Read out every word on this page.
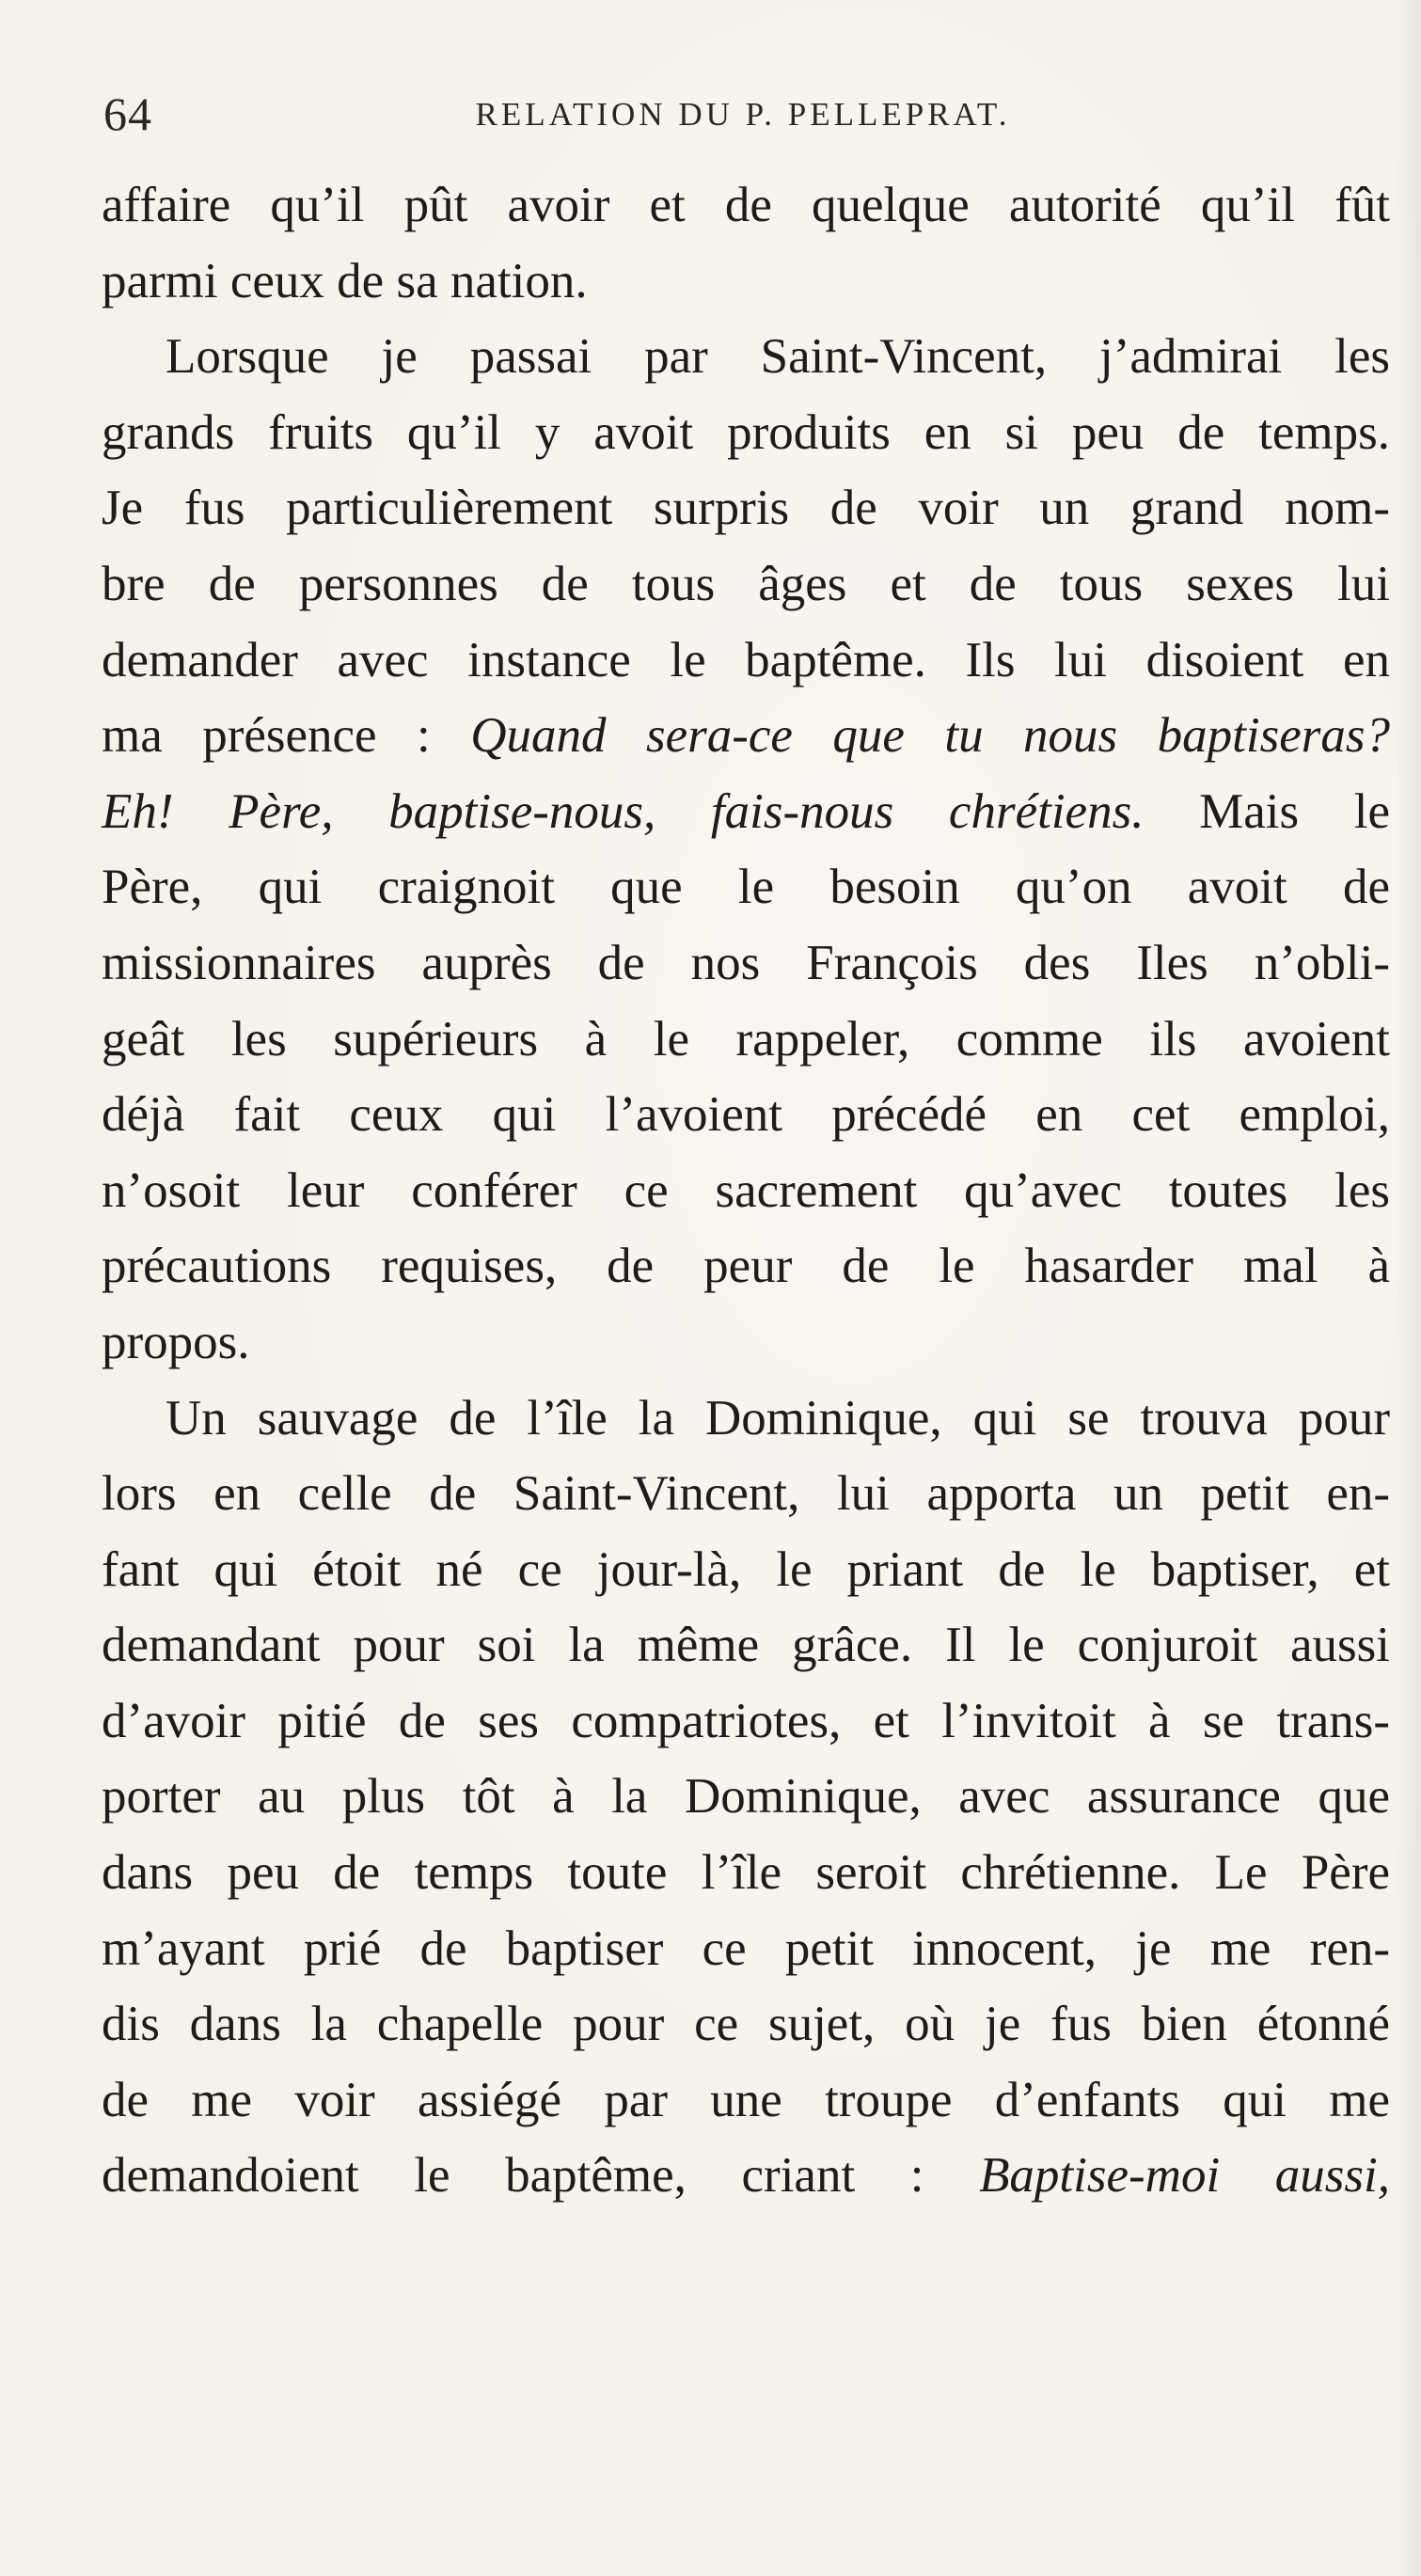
64	RELATION DU P. PELLEPRAT.
affaire qu’il pût avoir et de quelque autorité qu’il fût
parmi ceux de sa nation.
Lorsque je passai par Saint-Vincent, j’admirai les
grands fruits qu’il y avoit produits en si peu de temps.
Je fus particulièrement surpris de voir un grand nom-
bre de personnes de tous âges et de tous sexes lui
demander avec instance le baptême. Ils lui disoient en
ma présence : Quand sera-ce que tu nous baptiseras?
Eh! Père, baptise-nous, fais-nous chrétiens. Mais le
Père, qui craignoit que le besoin qu’on avoit de
missionnaires auprès de nos François des Iles n’obli-
geât les supérieurs à le rappeler, comme ils avoient
déjà fait ceux qui l’avoient précédé en cet emploi,
n’osoit leur conférer ce sacrement qu’avec toutes les
précautions requises, de peur de le hasarder mal à
propos.
Un sauvage de l’île la Dominique, qui se trouva pour
lors en celle de Saint-Vincent, lui apporta un petit en-
fant qui étoit né ce jour-là, le priant de le baptiser, et
demandant pour soi la même grâce. Il le conjuroit aussi
d’avoir pitié de ses compatriotes, et l’invitoit à se trans-
porter au plus tôt à la Dominique, avec assurance que
dans peu de temps toute l’île seroit chrétienne. Le Père
m’ayant prié de baptiser ce petit innocent, je me ren-
dis dans la chapelle pour ce sujet, où je fus bien étonné
de me voir assiégé par une troupe d’enfants qui me
demandoient le baptême, criant : Baptise-moi aussi,
